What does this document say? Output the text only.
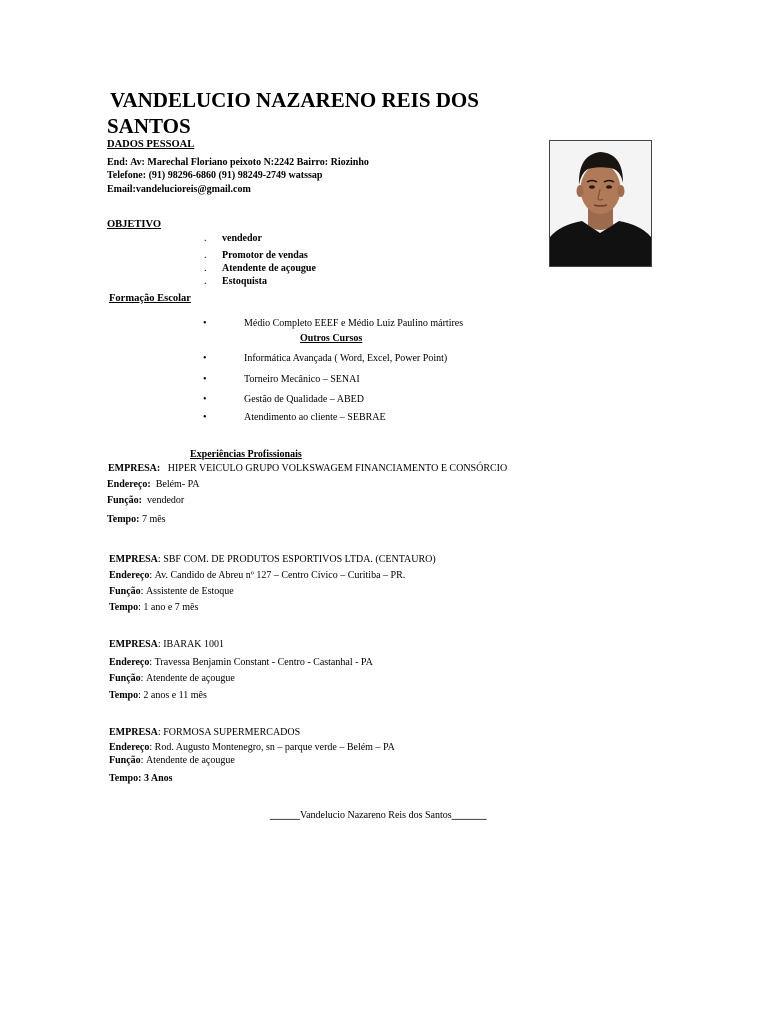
VANDELUCIO NAZARENO REIS DOS
SANTOS
DADOS PESSOAL
End: Av: Marechal Floriano peixoto N:2242 Bairro: Riozinho
Telefone: (91) 98296-6860 (91) 98249-2749 watssap
Email:vandelucioreis@gmail.com
OBJETIVO
. vendedor
. Promotor de vendas
. Atendente de açougue
. Estoquista
Formação Escolar
•	Médio Completo EEEF e Médio Luiz Paulino mártires
Outros Cursos
•	Informática Avançada ( Word, Excel, Power Point)
•	Torneiro Mecânico – SENAI
•	Gestão de Qualidade – ABED
•	Atendimento ao cliente – SEBRAE
Experiências Profissionais
EMPRESA: HIPER VEICULO GRUPO VOLKSWAGEM FINANCIAMENTO E CONSÓRCIO
Endereço: Belém- PA
Função: vendedor
Tempo: 7 mês
EMPRESA: SBF COM. DE PRODUTOS ESPORTIVOS LTDA. (CENTAURO)
Endereço: Av. Candido de Abreu nº 127 – Centro Cívico – Curitiba – PR.
Função: Assistente de Estoque
Tempo: 1 ano e 7 mês
EMPRESA: IBARAK 1001
Endereço: Travessa Benjamin Constant - Centro - Castanhal - PA
Função: Atendente de açougue
Tempo: 2 anos e 11 mês
EMPRESA: FORMOSA SUPERMERCADOS
Endereço: Rod. Augusto Montenegro, sn – parque verde – Belém – PA
Função: Atendente de açougue
Tempo: 3 Anos
______Vandelucio Nazareno Reis dos Santos_______
